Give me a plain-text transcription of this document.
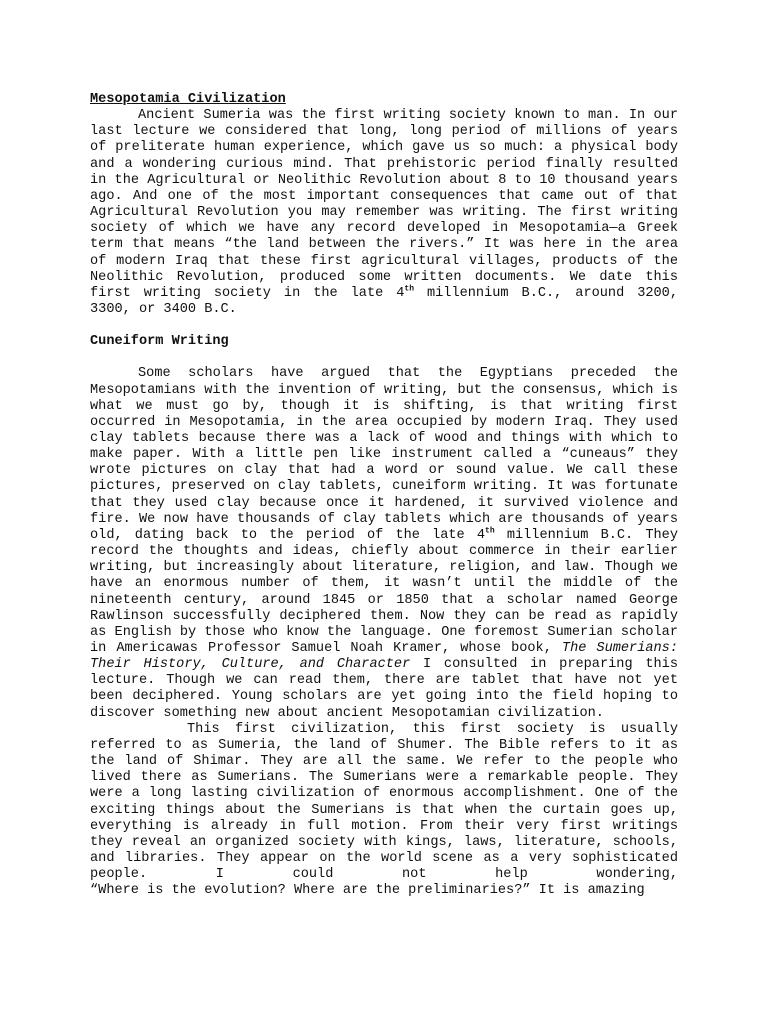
Mesopotamia Civilization

Ancient Sumeria was the first writing society known to man. In our last lecture we considered that long, long period of millions of years of preliterate human experience, which gave us so much: a physical body and a wondering curious mind. That prehistoric period finally resulted in the Agricultural or Neolithic Revolution about 8 to 10 thousand years ago. And one of the most important consequences that came out of that Agricultural Revolution you may remember was writing. The first writing society of which we have any record developed in Mesopotamia—a Greek term that means “the land between the rivers.” It was here in the area of modern Iraq that these first agricultural villages, products of the Neolithic Revolution, produced some written documents. We date this first writing society in the late 4th millennium B.C., around 3200, 3300, or 3400 B.C.

Cuneiform Writing

Some scholars have argued that the Egyptians preceded the Mesopotamians with the invention of writing, but the consensus, which is what we must go by, though it is shifting, is that writing first occurred in Mesopotamia, in the area occupied by modern Iraq. They used clay tablets because there was a lack of wood and things with which to make paper. With a little pen like instrument called a “cuneaus” they wrote pictures on clay that had a word or sound value. We call these pictures, preserved on clay tablets, cuneiform writing. It was fortunate that they used clay because once it hardened, it survived violence and fire. We now have thousands of clay tablets which are thousands of years old, dating back to the period of the late 4th millennium B.C. They record the thoughts and ideas, chiefly about commerce in their earlier writing, but increasingly about literature, religion, and law. Though we have an enormous number of them, it wasn’t until the middle of the nineteenth century, around 1845 or 1850 that a scholar named George Rawlinson successfully deciphered them. Now they can be read as rapidly as English by those who know the language. One foremost Sumerian scholar in Americawas Professor Samuel Noah Kramer, whose book, The Sumerians: Their History, Culture, and Character I consulted in preparing this lecture. Though we can read them, there are tablet that have not yet been deciphered. Young scholars are yet going into the field hoping to discover something new about ancient Mesopotamian civilization.

This first civilization, this first society is usually referred to as Sumeria, the land of Shumer. The Bible refers to it as the land of Shimar. They are all the same. We refer to the people who lived there as Sumerians. The Sumerians were a remarkable people. They were a long lasting civilization of enormous accomplishment. One of the exciting things about the Sumerians is that when the curtain goes up, everything is already in full motion. From their very first writings they reveal an organized society with kings, laws, literature, schools, and libraries. They appear on the world scene as a very sophisticated people. I could not help wondering,

“Where is the evolution? Where are the preliminaries?” It is amazing
